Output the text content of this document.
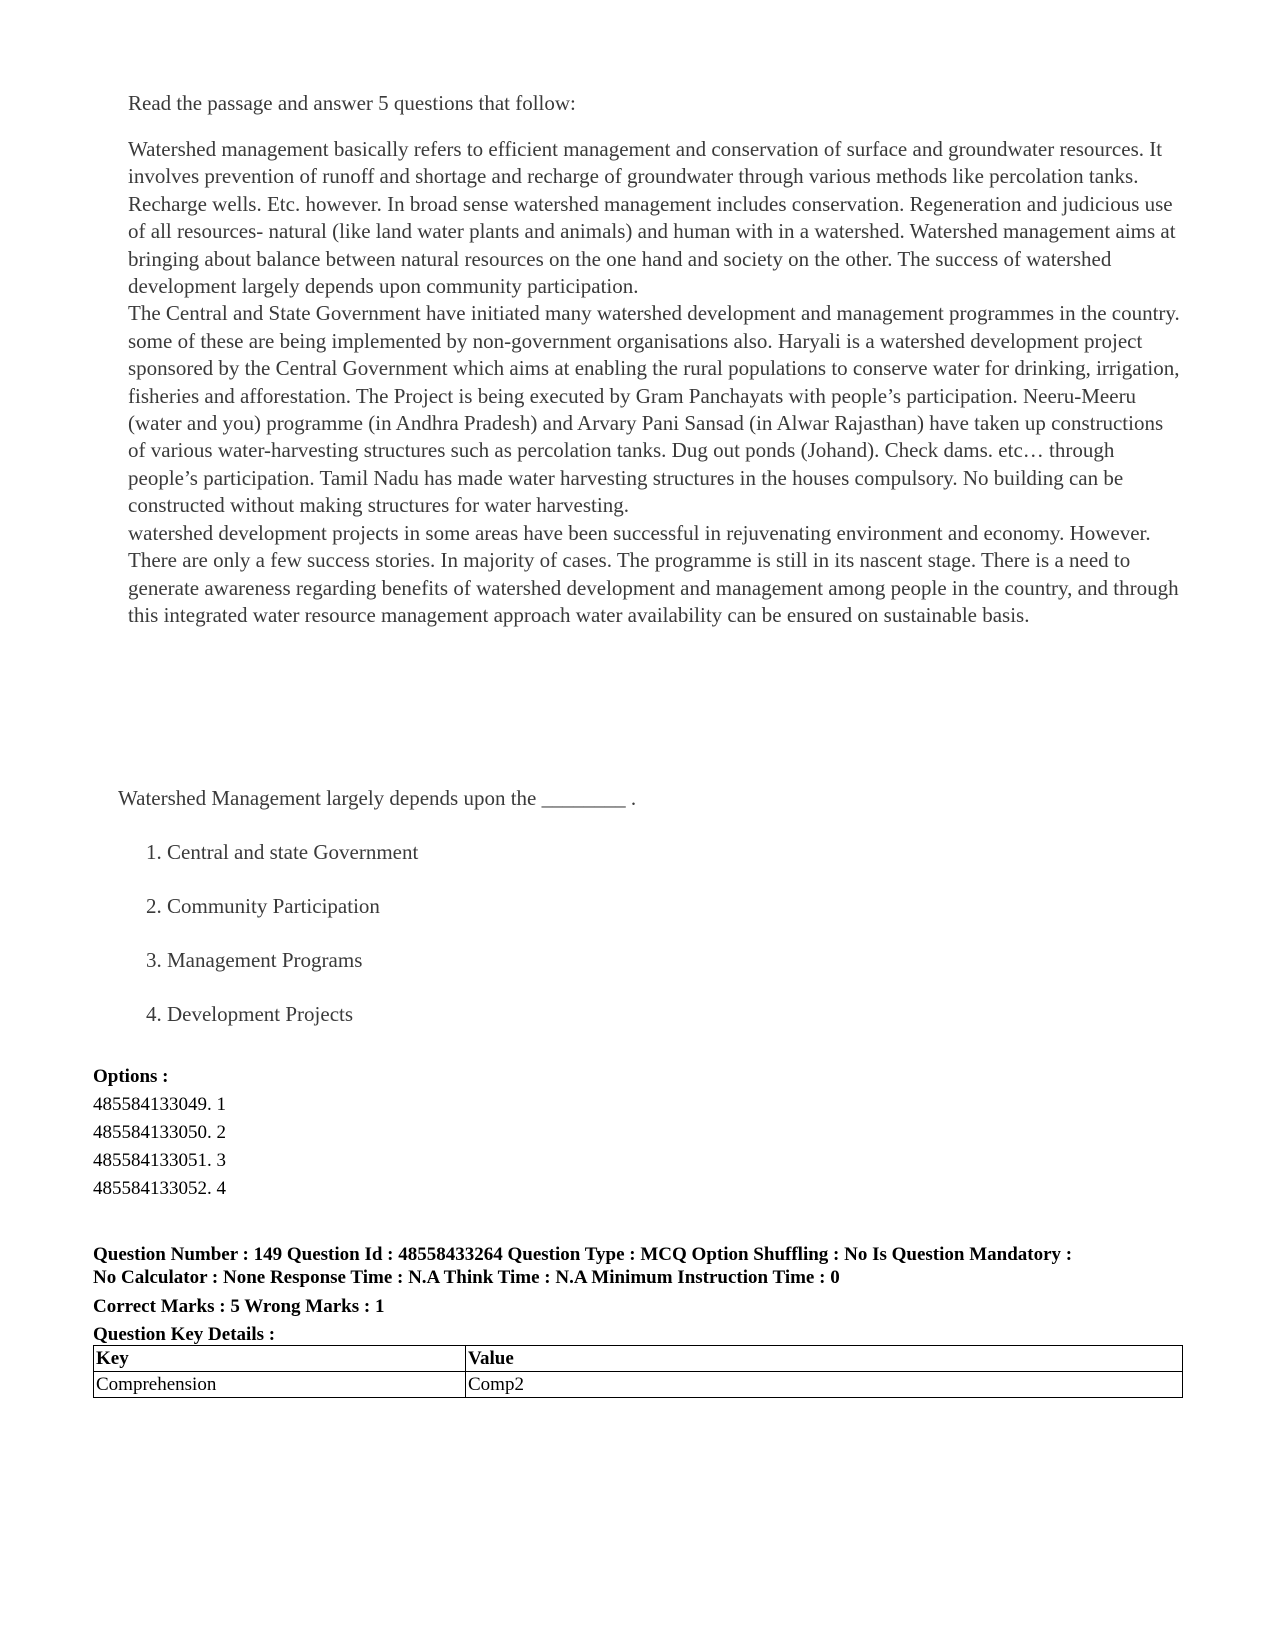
Read the passage and answer 5 questions that follow:

Watershed management basically refers to efficient management and conservation of surface and groundwater resources. It involves prevention of runoff and shortage and recharge of groundwater through various methods like percolation tanks. Recharge wells. Etc. however. In broad sense watershed management includes conservation. Regeneration and judicious use of all resources- natural (like land water plants and animals) and human with in a watershed. Watershed management aims at bringing about balance between natural resources on the one hand and society on the other. The success of watershed development largely depends upon community participation.

The Central and State Government have initiated many watershed development and management programmes in the country. some of these are being implemented by non-government organisations also. Haryali is a watershed development project sponsored by the Central Government which aims at enabling the rural populations to conserve water for drinking, irrigation, fisheries and afforestation. The Project is being executed by Gram Panchayats with people’s participation. Neeru-Meeru (water and you) programme (in Andhra Pradesh) and Arvary Pani Sansad (in Alwar Rajasthan) have taken up constructions of various water-harvesting structures such as percolation tanks. Dug out ponds (Johand). Check dams. etc… through people’s participation. Tamil Nadu has made water harvesting structures in the houses compulsory. No building can be constructed without making structures for water harvesting.

watershed development projects in some areas have been successful in rejuvenating environment and economy. However. There are only a few success stories. In majority of cases. The programme is still in its nascent stage. There is a need to generate awareness regarding benefits of watershed development and management among people in the country, and through this integrated water resource management approach water availability can be ensured on sustainable basis.

Watershed Management largely depends upon the ________ .
1. Central and state Government
2. Community Participation
3. Management Programs
4. Development Projects
Options :
485584133049. 1
485584133050. 2
485584133051. 3
485584133052. 4
Question Number : 149 Question Id : 48558433264 Question Type : MCQ Option Shuffling : No Is Question Mandatory :
No Calculator : None Response Time : N.A Think Time : N.A Minimum Instruction Time : 0
Correct Marks : 5 Wrong Marks : 1
Question Key Details :
Key	Value
Comprehension	Comp2
